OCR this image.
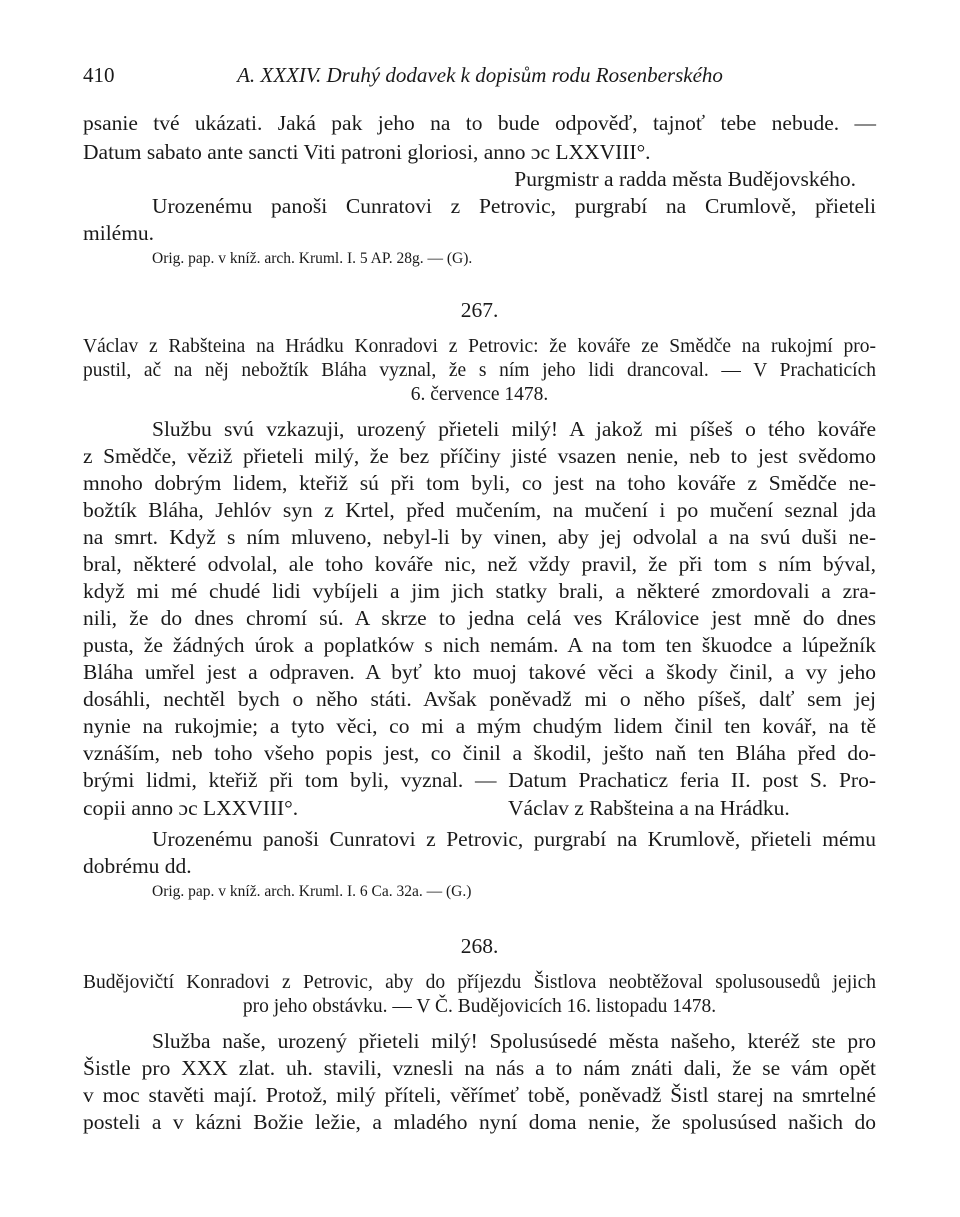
410	A. XXXIV. Druhý dodavek k dopisům rodu Rosenberského
psanie tvé ukázati. Jaká pak jeho na to bude odpověď, tajnoť tebe nebude. —
Datum sabato ante sancti Viti patroni gloriosi, anno ɔc LXXVIII°.
Purgmistr a radda města Budějovského.
Urozenému panoši Cunratovi z Petrovic, purgrabí na Crumlově, přieteli
milému.
Orig. pap. v kníž. arch. Kruml. I. 5 AP. 28g. — (G).
267.
Václav z Rabšteina na Hrádku Konradovi z Petrovic: že kováře ze Smědče na rukojmí pro-
pustil, ač na něj nebožtík Bláha vyznal, že s ním jeho lidi drancoval. — V Prachaticích
6. července 1478.
Službu svú vzkazuji, urozený přieteli milý! A jakož mi píšeš o tého kováře
z Smědče, věziž přieteli milý, že bez příčiny jisté vsazen nenie, neb to jest svědomo
mnoho dobrým lidem, kteřiž sú při tom byli, co jest na toho kováře z Smědče ne-
božtík Bláha, Jehlóv syn z Krtel, před mučením, na mučení i po mučení seznal jda
na smrt. Když s ním mluveno, nebyl-li by vinen, aby jej odvolal a na svú duši ne-
bral, některé odvolal, ale toho kováře nic, než vždy pravil, že při tom s ním býval,
když mi mé chudé lidi vybíjeli a jim jich statky brali, a některé zmordovali a zra-
nili, že do dnes chromí sú. A skrze to jedna celá ves Královice jest mně do dnes
pusta, že žádných úrok a poplatków s nich nemám. A na tom ten škuodce a lúpežník
Bláha umřel jest a odpraven. A byť kto muoj takové věci a škody činil, a vy jeho
dosáhli, nechtěl bych o něho státi. Avšak poněvadž mi o něho píšeš, dalť sem jej
nynie na rukojmie; a tyto věci, co mi a mým chudým lidem činil ten kovář, na tě
vznáším, neb toho všeho popis jest, co činil a škodil, ješto naň ten Bláha před do-
brými lidmi, kteřiž při tom byli, vyznal. — Datum Prachaticz feria II. post S. Pro-
copii anno ɔc LXXVIII°.	Václav z Rabšteina a na Hrádku.
Urozenému panoši Cunratovi z Petrovic, purgrabí na Krumlově, přieteli mému
dobrému dd.
Orig. pap. v kníž. arch. Kruml. I. 6 Ca. 32a. — (G.)
268.
Budějovičtí Konradovi z Petrovic, aby do příjezdu Šistlova neobtěžoval spolusousedů jejich
pro jeho obstávku. — V Č. Budějovicích 16. listopadu 1478.
Služba naše, urozený přieteli milý! Spolusúsedé města našeho, kteréž ste pro
Šistle pro XXX zlat. uh. stavili, vznesli na nás a to nám znáti dali, že se vám opět
v moc stavěti mají. Protož, milý příteli, věřímeť tobě, poněvadž Šistl starej na smrtelné
posteli a v kázni Božie ležie, a mladého nyní doma nenie, že spolusúsed našich do
